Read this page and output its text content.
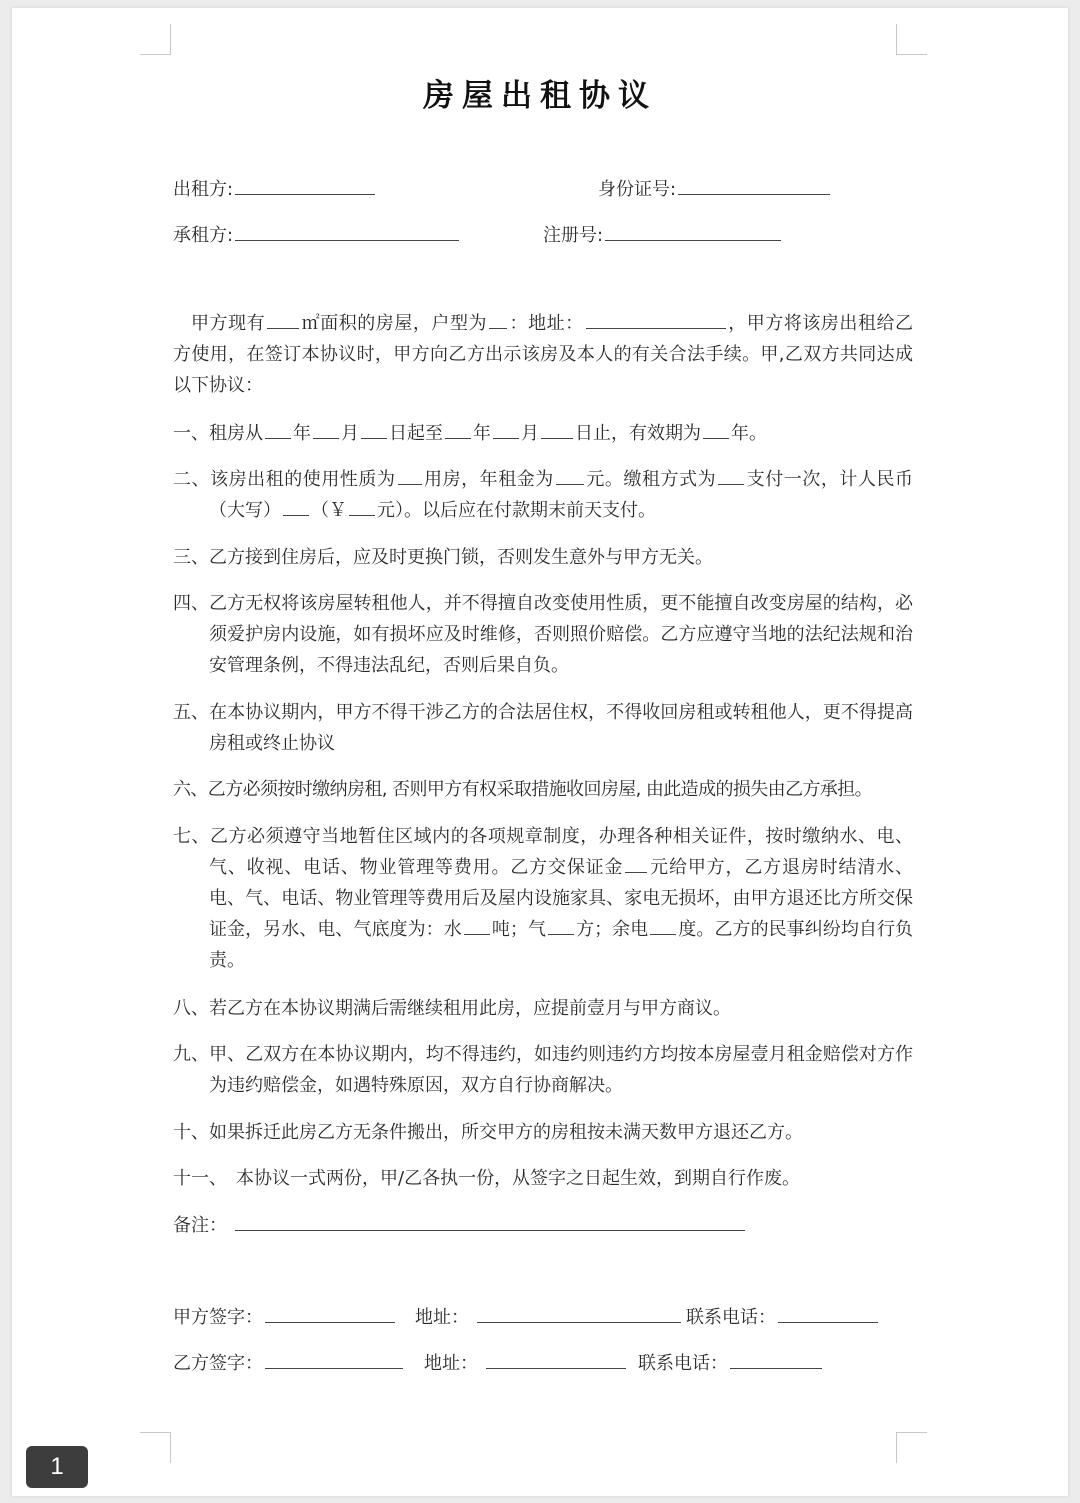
房屋出租协议
出租方:	身份证号:
承租方:	注册号:
甲方现有 ㎡面积的房屋，户型为 ：地址：	，甲方将该房出租给乙方使用，在签订本协议时，甲方向乙方出示该房及本人的有关合法手续。甲,乙双方共同达成以下协议：
一、租房从 年 月 日起至 年 月 日止，有效期为 年。
二、该房出租的使用性质为 用房，年租金为 元。缴租方式为 支付一次，计人民币（大写） （￥ 元）。以后应在付款期末前天支付。
三、乙方接到住房后，应及时更换门锁，否则发生意外与甲方无关。
四、乙方无权将该房屋转租他人，并不得擅自改变使用性质，更不能擅自改变房屋的结构，必须爱护房内设施，如有损坏应及时维修，否则照价赔偿。乙方应遵守当地的法纪法规和治安管理条例，不得违法乱纪，否则后果自负。
五、在本协议期内，甲方不得干涉乙方的合法居住权，不得收回房租或转租他人，更不得提高房租或终止协议
六、乙方必须按时缴纳房租, 否则甲方有权采取措施收回房屋, 由此造成的损失由乙方承担。
七、乙方必须遵守当地暂住区域内的各项规章制度，办理各种相关证件，按时缴纳水、电、气、收视、电话、物业管理等费用。乙方交保证金 元给甲方，乙方退房时结清水、电、气、电话、物业管理等费用后及屋内设施家具、家电无损坏，由甲方退还比方所交保证金，另水、电、气底度为：水 吨；气 方；余电 度。乙方的民事纠纷均自行负责。
八、若乙方在本协议期满后需继续租用此房，应提前壹月与甲方商议。
九、甲、乙双方在本协议期内，均不得违约，如违约则违约方均按本房屋壹月租金赔偿对方作为违约赔偿金，如遇特殊原因，双方自行协商解决。
十、如果拆迁此房乙方无条件搬出，所交甲方的房租按未满天数甲方退还乙方。
十一、　本协议一式两份，甲/乙各执一份，从签字之日起生效，到期自行作废。
备注：
甲方签字：	地址：	联系电话：
乙方签字：	地址：	联系电话：
1
